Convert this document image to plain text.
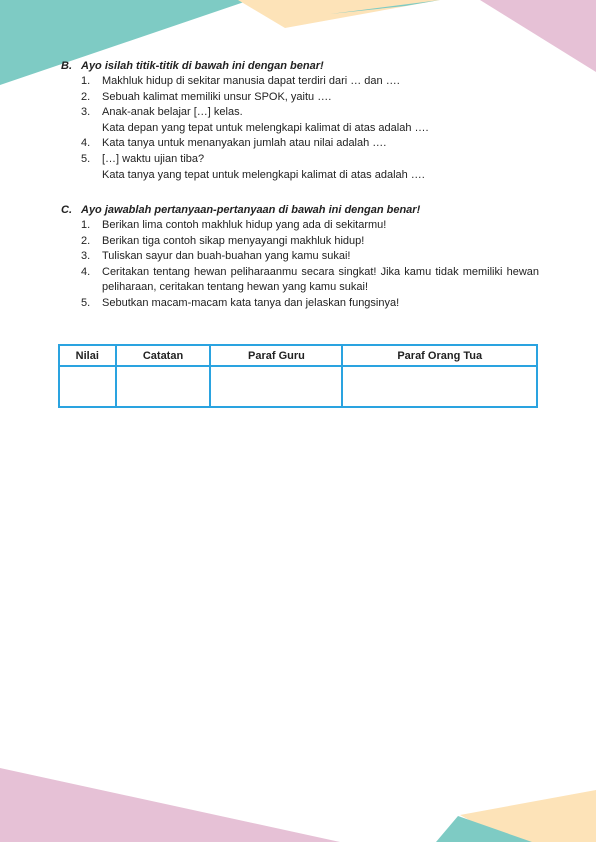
B. Ayo isilah titik-titik di bawah ini dengan benar!
1.	Makhluk hidup di sekitar manusia dapat terdiri dari … dan ….
2.	Sebuah kalimat memiliki unsur SPOK, yaitu ….
3.	Anak-anak belajar […] kelas.
Kata depan yang tepat untuk melengkapi kalimat di atas adalah ….
4.	Kata tanya untuk menanyakan jumlah atau nilai adalah ….
5.	[…] waktu ujian tiba?
Kata tanya yang tepat untuk melengkapi kalimat di atas adalah ….
C. Ayo jawablah pertanyaan-pertanyaan di bawah ini dengan benar!
1.	Berikan lima contoh makhluk hidup yang ada di sekitarmu!
2.	Berikan tiga contoh sikap menyayangi makhluk hidup!
3.	Tuliskan sayur dan buah-buahan yang kamu sukai!
4.	Ceritakan tentang hewan peliharaanmu secara singkat! Jika kamu tidak memiliki hewan peliharaan, ceritakan tentang hewan yang kamu sukai!
5.	Sebutkan macam-macam kata tanya dan jelaskan fungsinya!
Nilai	Catatan	Paraf Guru	Paraf Orang Tua
